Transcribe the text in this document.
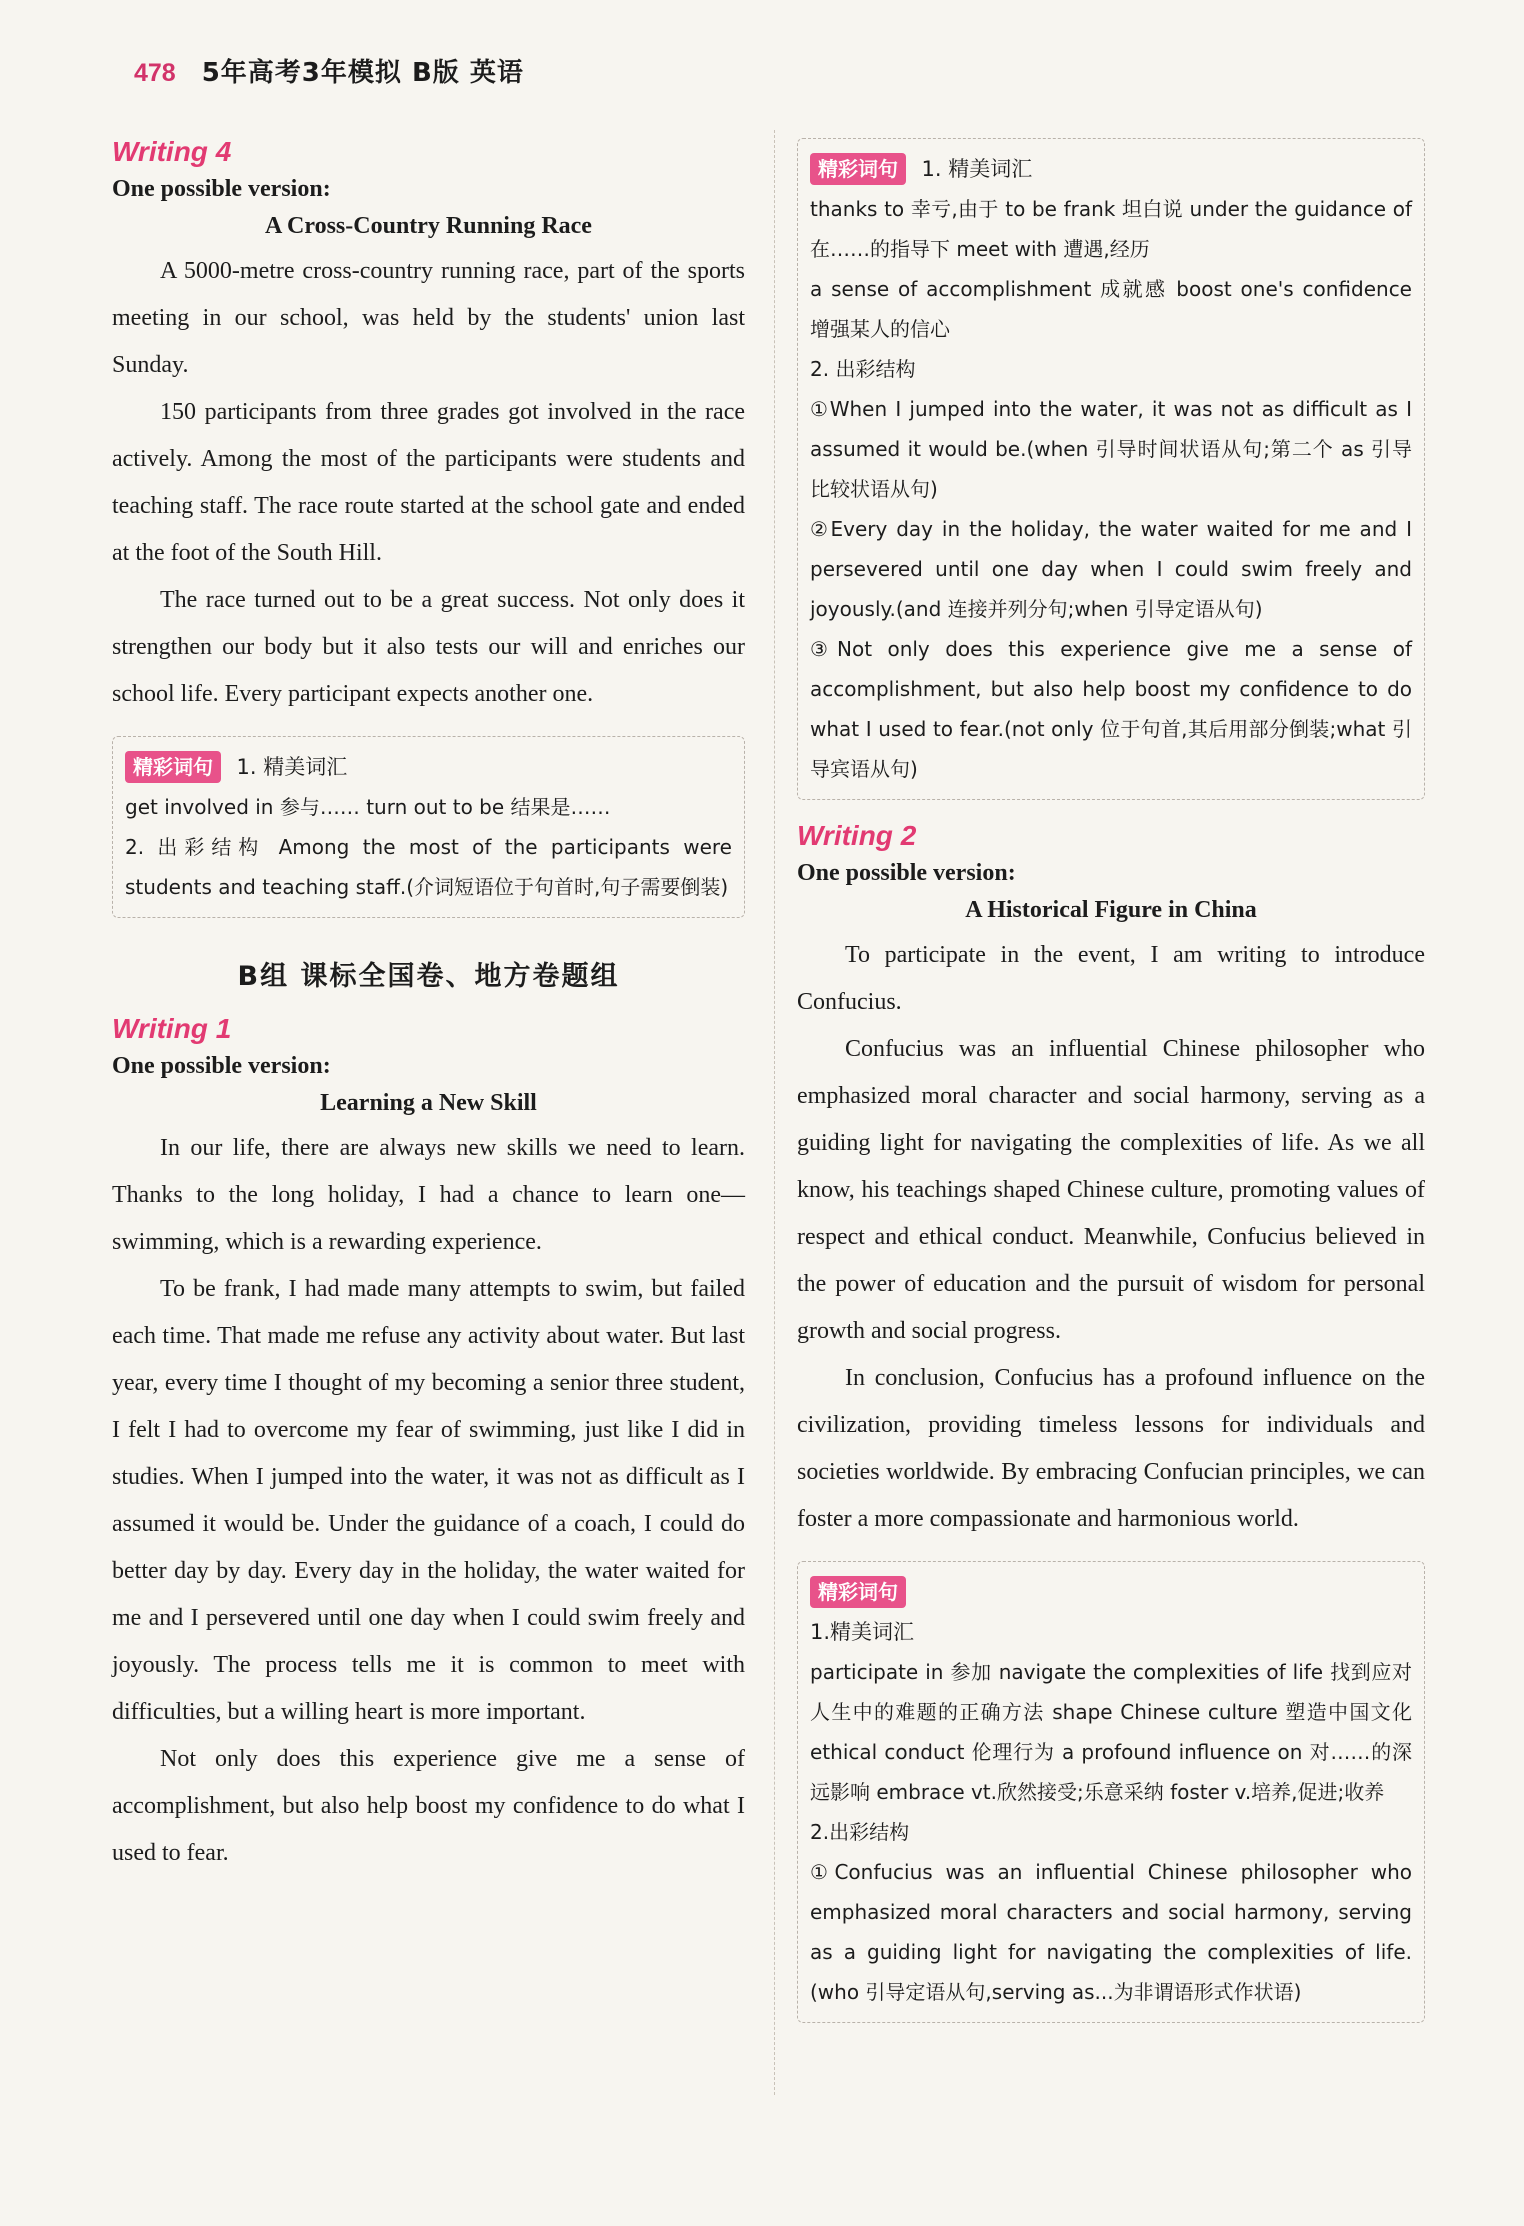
478 5年高考3年模拟 B版 英语
Writing 4
One possible version:
A Cross-Country Running Race

A 5000-metre cross-country running race, part of the sports meeting in our school, was held by the students' union last Sunday.

150 participants from three grades got involved in the race actively. Among the most of the participants were students and teaching staff. The race route started at the school gate and ended at the foot of the South Hill.

The race turned out to be a great success. Not only does it strengthen our body but it also tests our will and enriches our school life. Every participant expects another one.

精彩词句 1. 精美词汇

get involved in 参与…… turn out to be 结果是……

2. 出彩结构 Among the most of the participants were students and teaching staff.(介词短语位于句首时,句子需要倒装)

B组 课标全国卷、地方卷题组
Writing 1
One possible version:
Learning a New Skill

In our life, there are always new skills we need to learn. Thanks to the long holiday, I had a chance to learn one—swimming, which is a rewarding experience.

To be frank, I had made many attempts to swim, but failed each time. That made me refuse any activity about water. But last year, every time I thought of my becoming a senior three student, I felt I had to overcome my fear of swimming, just like I did in studies. When I jumped into the water, it was not as difficult as I assumed it would be. Under the guidance of a coach, I could do better day by day. Every day in the holiday, the water waited for me and I persevered until one day when I could swim freely and joyously. The process tells me it is common to meet with difficulties, but a willing heart is more important.

Not only does this experience give me a sense of accomplishment, but also help boost my confidence to do what I used to fear.

精彩词句 1. 精美词汇

thanks to 幸亏,由于 to be frank 坦白说 under the guidance of 在……的指导下 meet with 遭遇,经历

a sense of accomplishment 成就感 boost one's confidence 增强某人的信心

2. 出彩结构

①When I jumped into the water, it was not as difficult as I assumed it would be.(when 引导时间状语从句;第二个 as 引导比较状语从句)

②Every day in the holiday, the water waited for me and I persevered until one day when I could swim freely and joyously.(and 连接并列分句;when 引导定语从句)

③Not only does this experience give me a sense of accomplishment, but also help boost my confidence to do what I used to fear.(not only 位于句首,其后用部分倒装;what 引导宾语从句)

Writing 2
One possible version:
A Historical Figure in China

To participate in the event, I am writing to introduce Confucius.

Confucius was an influential Chinese philosopher who emphasized moral character and social harmony, serving as a guiding light for navigating the complexities of life. As we all know, his teachings shaped Chinese culture, promoting values of respect and ethical conduct. Meanwhile, Confucius believed in the power of education and the pursuit of wisdom for personal growth and social progress.

In conclusion, Confucius has a profound influence on the civilization, providing timeless lessons for individuals and societies worldwide. By embracing Confucian principles, we can foster a more compassionate and harmonious world.

精彩词句

1.精美词汇

participate in 参加 navigate the complexities of life 找到应对人生中的难题的正确方法 shape Chinese culture 塑造中国文化 ethical conduct 伦理行为 a profound influence on 对……的深远影响 embrace vt.欣然接受;乐意采纳 foster v.培养,促进;收养

2.出彩结构

①Confucius was an influential Chinese philosopher who emphasized moral characters and social harmony, serving as a guiding light for navigating the complexities of life.(who 引导定语从句,serving as...为非谓语形式作状语)
